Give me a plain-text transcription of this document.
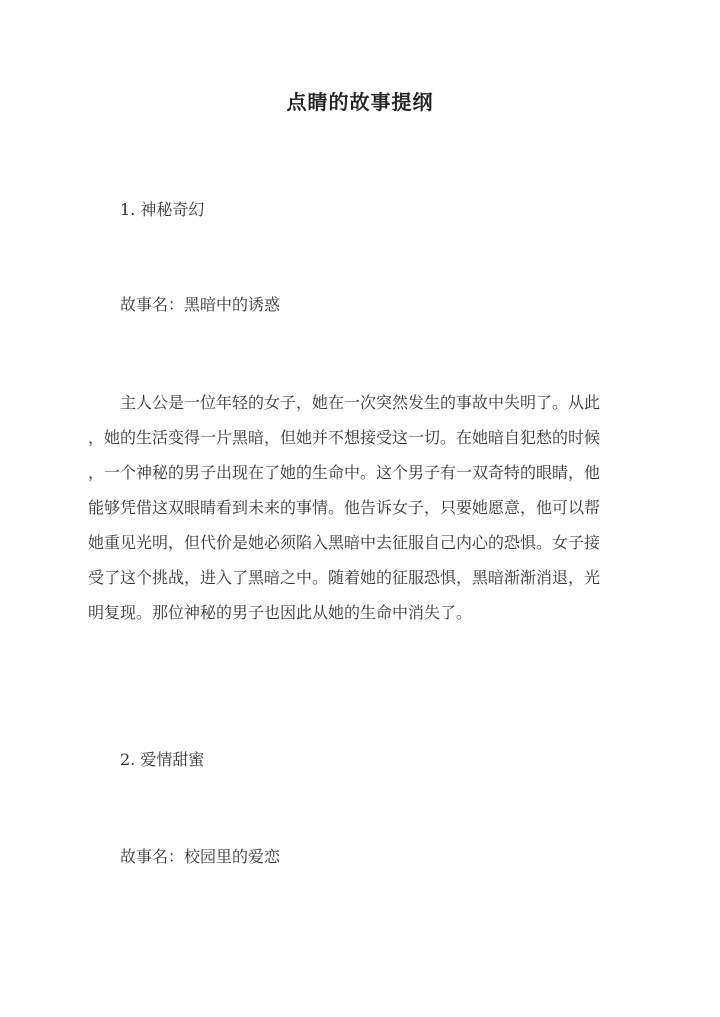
点睛的故事提纲
1. 神秘奇幻
故事名：黑暗中的诱惑
　　主人公是一位年轻的女子，她在一次突然发生的事故中失明了。从此
，她的生活变得一片黑暗，但她并不想接受这一切。在她暗自犯愁的时候
，一个神秘的男子出现在了她的生命中。这个男子有一双奇特的眼睛，他
能够凭借这双眼睛看到未来的事情。他告诉女子，只要她愿意，他可以帮
她重见光明，但代价是她必须陷入黑暗中去征服自己内心的恐惧。女子接
受了这个挑战，进入了黑暗之中。随着她的征服恐惧，黑暗渐渐消退，光
明复现。那位神秘的男子也因此从她的生命中消失了。
2. 爱情甜蜜
故事名：校园里的爱恋
